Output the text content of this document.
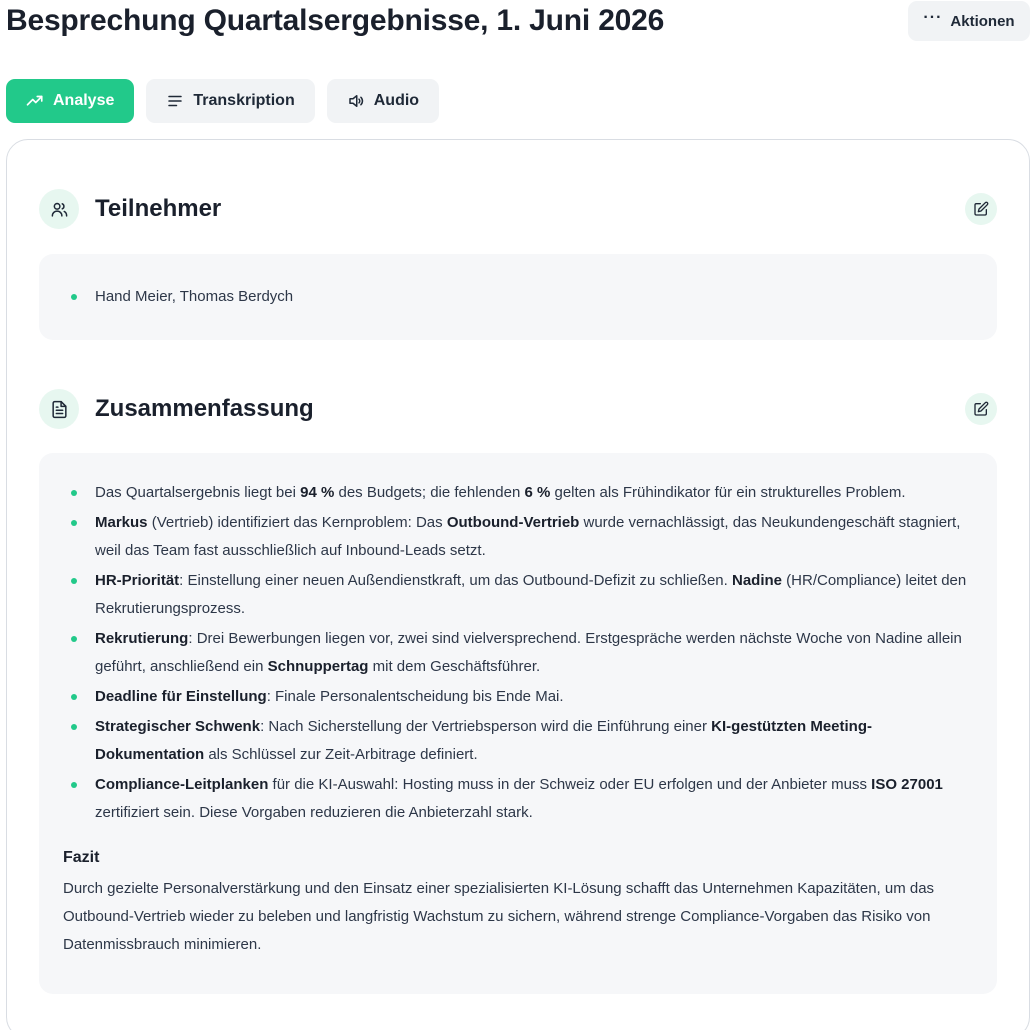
Besprechung Quartalsergebnisse, 1. Juni 2026	··· Aktionen
Analyse	Transkription	Audio
Teilnehmer
Hand Meier, Thomas Berdych
Zusammenfassung
Das Quartalsergebnis liegt bei 94 % des Budgets; die fehlenden 6 % gelten als Frühindikator für ein strukturelles Problem.
Markus (Vertrieb) identifiziert das Kernproblem: Das Outbound-Vertrieb wurde vernachlässigt, das Neukundengeschäft stagniert, weil das Team fast ausschließlich auf Inbound-Leads setzt.
HR-Priorität: Einstellung einer neuen Außendienstkraft, um das Outbound-Defizit zu schließen. Nadine (HR/Compliance) leitet den Rekrutierungsprozess.
Rekrutierung: Drei Bewerbungen liegen vor, zwei sind vielversprechend. Erstgespräche werden nächste Woche von Nadine allein geführt, anschließend ein Schnuppertag mit dem Geschäftsführer.
Deadline für Einstellung: Finale Personalentscheidung bis Ende Mai.
Strategischer Schwenk: Nach Sicherstellung der Vertriebsperson wird die Einführung einer KI-gestützten Meeting-Dokumentation als Schlüssel zur Zeit-Arbitrage definiert.
Compliance-Leitplanken für die KI-Auswahl: Hosting muss in der Schweiz oder EU erfolgen und der Anbieter muss ISO 27001 zertifiziert sein. Diese Vorgaben reduzieren die Anbieterzahl stark.
Fazit

Durch gezielte Personalverstärkung und den Einsatz einer spezialisierten KI-Lösung schafft das Unternehmen Kapazitäten, um das Outbound-Vertrieb wieder zu beleben und langfristig Wachstum zu sichern, während strenge Compliance-Vorgaben das Risiko von Datenmissbrauch minimieren.
